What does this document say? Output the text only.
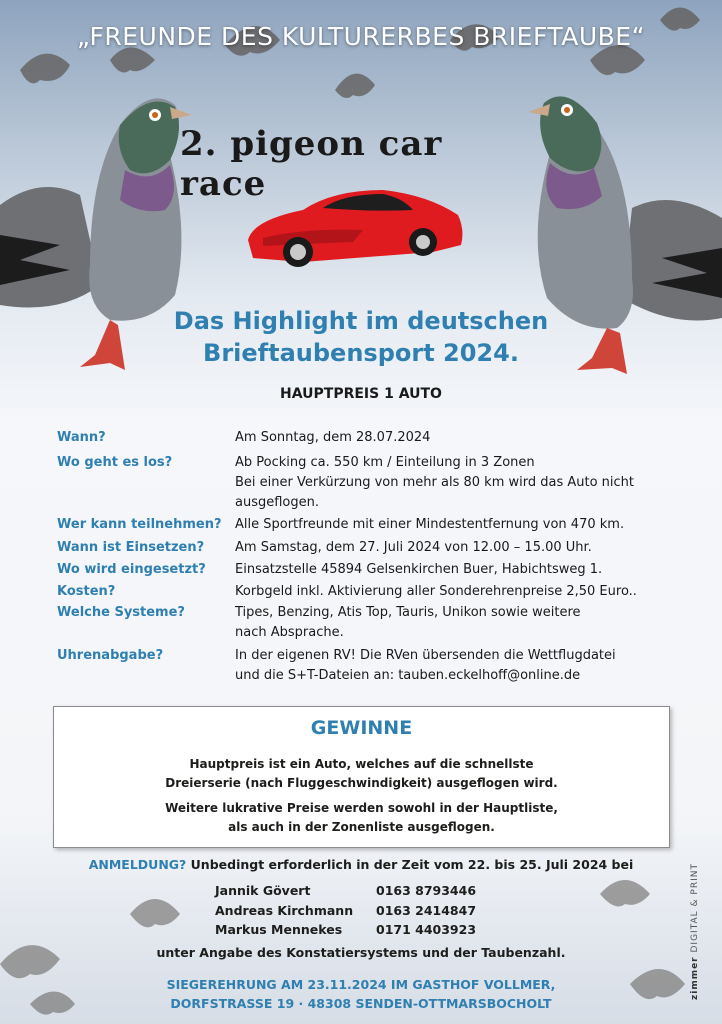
„FREUNDE DES KULTURERBES BRIEFTAUBE“
2. pigeon car race
Das Highlight im deutschen
Brieftaubensport 2024.
HAUPTPREIS 1 AUTO
Wann?	Am Sonntag, dem 28.07.2024
Wo geht es los?	Ab Pocking ca. 550 km / Einteilung in 3 Zonen
Bei einer Verkürzung von mehr als 80 km wird das Auto nicht
ausgeflogen.
Wer kann teilnehmen? Alle Sportfreunde mit einer Mindestentfernung von 470 km.
Wann ist Einsetzen? Am Samstag, dem 27. Juli 2024 von 12.00 – 15.00 Uhr.
Wo wird eingesetzt? Einsatzstelle 45894 Gelsenkirchen Buer, Habichtsweg 1.
Kosten?	Korbgeld inkl. Aktivierung aller Sonderehrenpreise 2,50 Euro..
Welche Systeme?	Tipes, Benzing, Atis Top, Tauris, Unikon sowie weitere
nach Absprache.
Uhrenabgabe?	In der eigenen RV! Die RVen übersenden die Wettflugdatei
und die S+T-Dateien an: tauben.eckelhoff@online.de
GEWINNE

Hauptpreis ist ein Auto, welches auf die schnellste
Dreierserie (nach Fluggeschwindigkeit) ausgeflogen wird.

Weitere lukrative Preise werden sowohl in der Hauptliste,
als auch in der Zonenliste ausgeflogen.

ANMELDUNG? Unbedingt erforderlich in der Zeit vom 22. bis 25. Juli 2024 bei
Jannik Gövert	0163 8793446
Andreas Kirchmann 0163 2414847
Markus Mennekes	0171 4403923
unter Angabe des Konstatiersystems und der Taubenzahl.
SIEGEREHRUNG AM 23.11.2024 IM GASTHOF VOLLMER,
DORFSTRASSE 19 · 48308 SENDEN-OTTMARSBOCHOLT
zimmer DIGITAL & PRINT
